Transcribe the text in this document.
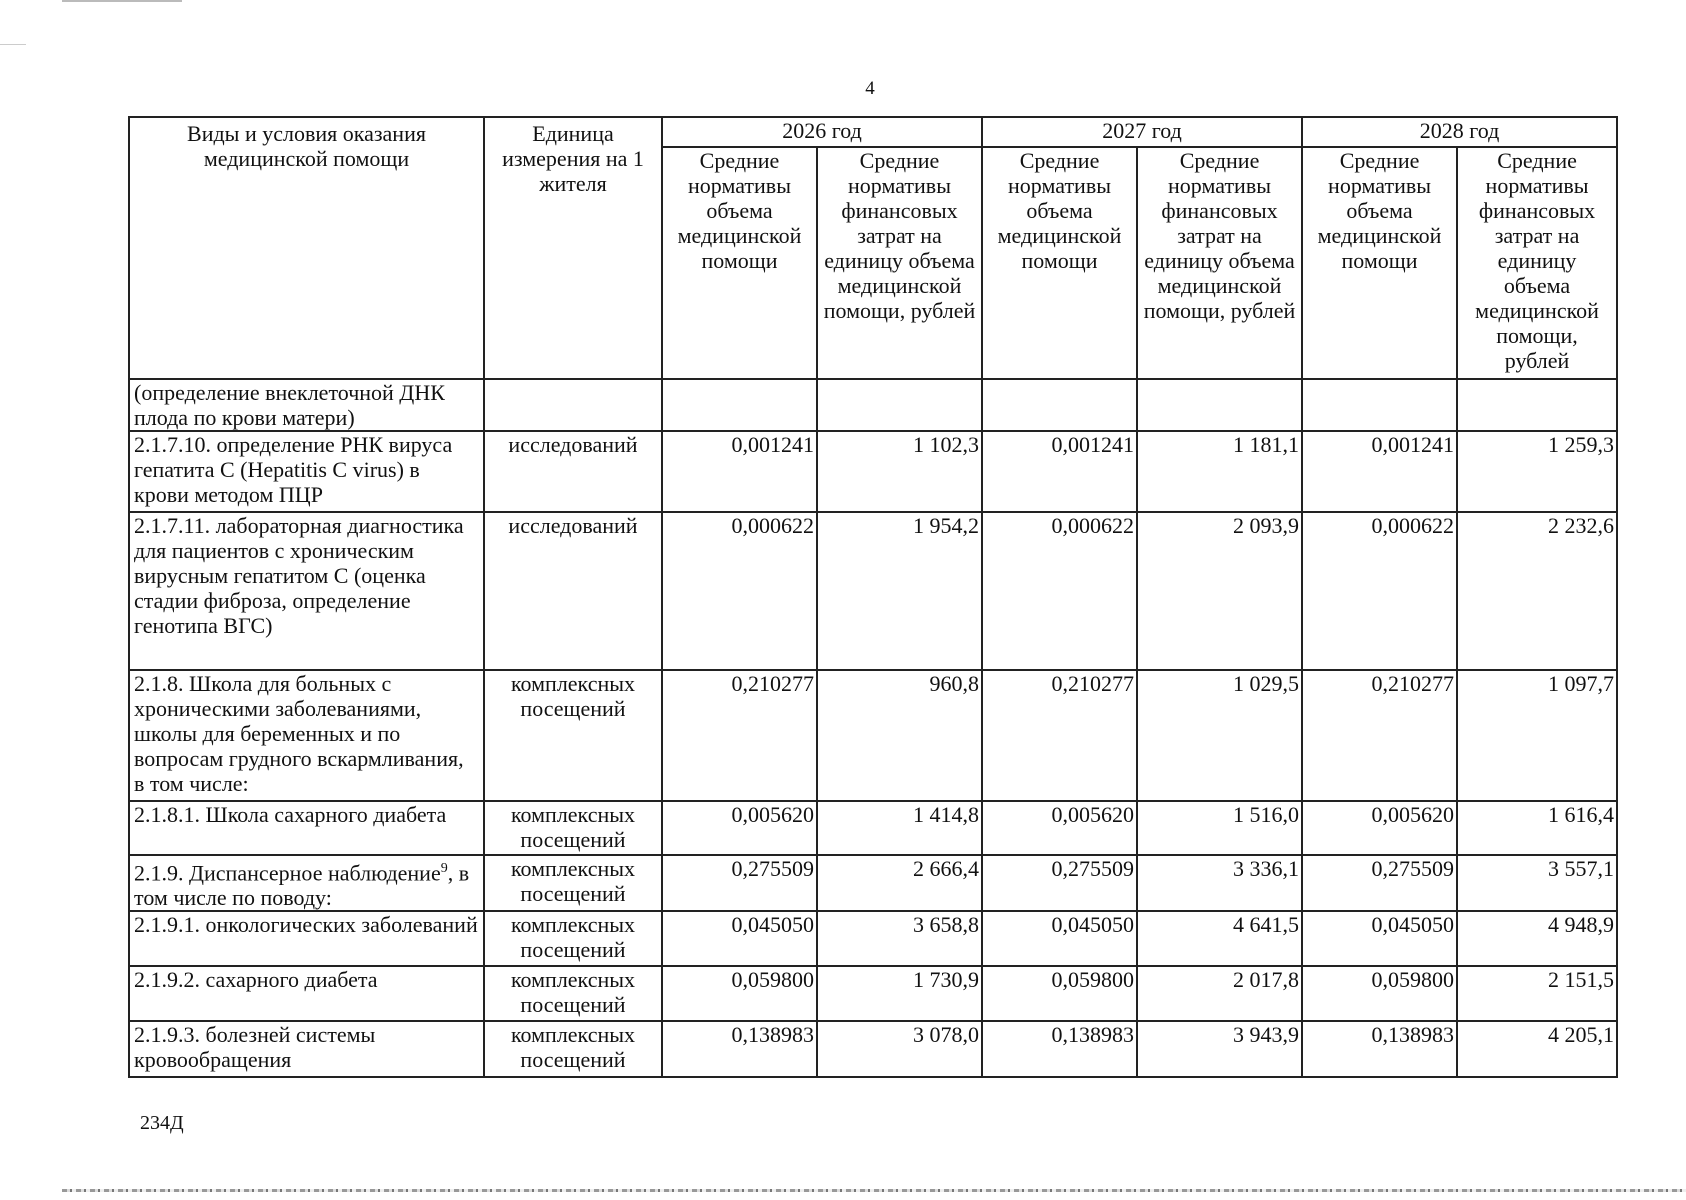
4
Виды и условия оказания медицинской помощи	Единица измерения на 1 жителя	2026 год		2027 год		2028 год	
		Средние нормативы объема медицинской помощи	Средние нормативы финансовых затрат на единицу объема медицинской помощи, рублей	Средние нормативы объема медицинской помощи	Средние нормативы финансовых затрат на единицу объема медицинской помощи, рублей	Средние нормативы объема медицинской помощи	Средние нормативы финансовых затрат на единицу объема медицинской помощи, рублей
(определение внеклеточной ДНК плода по крови матери)							
2.1.7.10. определение РНК вируса гепатита С (Hepatitis C virus) в крови методом ПЦР	исследований	0,001241	1 102,3	0,001241	1 181,1	0,001241	1 259,3
2.1.7.11. лабораторная диагностика для пациентов с хроническим вирусным гепатитом С (оценка стадии фиброза, определение генотипа ВГС)	исследований	0,000622	1 954,2	0,000622	2 093,9	0,000622	2 232,6
2.1.8. Школа для больных с хроническими заболеваниями, школы для беременных и по вопросам грудного вскармливания, в том числе:	комплексных посещений	0,210277	960,8	0,210277	1 029,5	0,210277	1 097,7
2.1.8.1. Школа сахарного диабета	комплексных посещений	0,005620	1 414,8	0,005620	1 516,0	0,005620	1 616,4
2.1.9. Диспансерное наблюдение$^9$, в том числе по поводу:	комплексных посещений	0,275509	2 666,4	0,275509	3 336,1	0,275509	3 557,1
2.1.9.1. онкологических заболеваний	комплексных посещений	0,045050	3 658,8	0,045050	4 641,5	0,045050	4 948,9
2.1.9.2. сахарного диабета	комплексных посещений	0,059800	1 730,9	0,059800	2 017,8	0,059800	2 151,5
2.1.9.3. болезней системы кровообращения	комплексных посещений	0,138983	3 078,0	0,138983	3 943,9	0,138983	4 205,1
234Д
